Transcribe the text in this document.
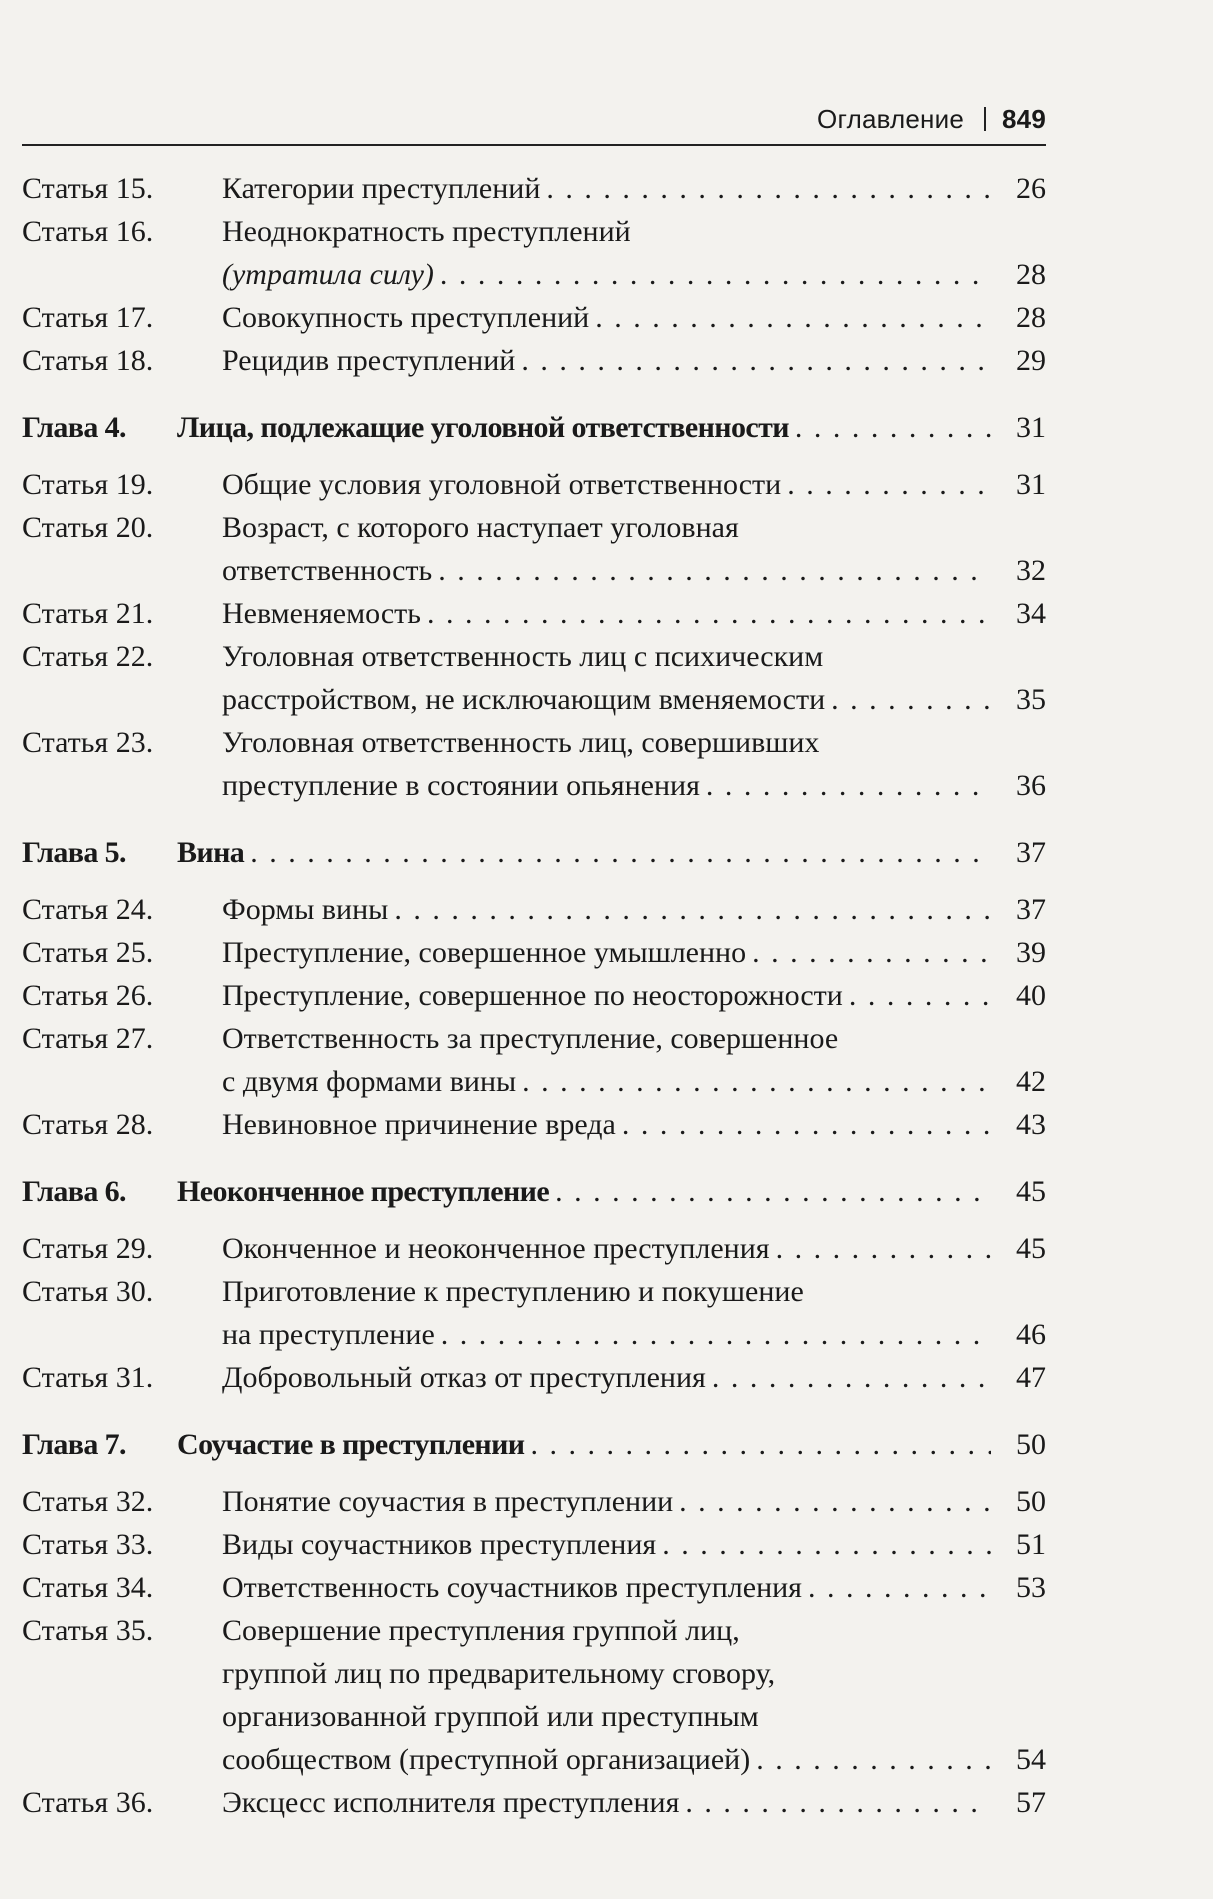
Оглавление 849
Статья 15. Категории преступлений . . .	26
Статья 16. Неоднократность преступлений
(утратила силу) . . .	28
Статья 17. Совокупность преступлений . . .	28
Статья 18. Рецидив преступлений . . .	29
Глава 4.	Лица, подлежащие уголовной ответственности . . .	31
Статья 19. Общие условия уголовной ответственности . . .	31
Статья 20. Возраст, с которого наступает уголовная
ответственность . . .	32
Статья 21. Невменяемость . . .	34
Статья 22. Уголовная ответственность лиц с психическим
расстройством, не исключающим вменяемости . . .	35
Статья 23. Уголовная ответственность лиц, совершивших
преступление в состоянии опьянения . . .	36
Глава 5.	Вина . . .	37
Статья 24. Формы вины . . .	37
Статья 25. Преступление, совершенное умышленно . . .	39
Статья 26. Преступление, совершенное по неосторожности . . .	40
Статья 27. Ответственность за преступление, совершенное
с двумя формами вины . . .	42
Статья 28. Невиновное причинение вреда . . .	43
Глава 6.	Неоконченное преступление . . .	45
Статья 29. Оконченное и неоконченное преступления . . .	45
Статья 30. Приготовление к преступлению и покушение
на преступление . . .	46
Статья 31. Добровольный отказ от преступления . . .	47
Глава 7.	Соучастие в преступлении . . .	50
Статья 32. Понятие соучастия в преступлении . . .	50
Статья 33. Виды соучастников преступления . . .	51
Статья 34. Ответственность соучастников преступления . . .	53
Статья 35. Совершение преступления группой лиц,
группой лиц по предварительному сговору,
организованной группой или преступным
сообществом (преступной организацией) . . .	54
Статья 36. Эксцесс исполнителя преступления . . .	57
